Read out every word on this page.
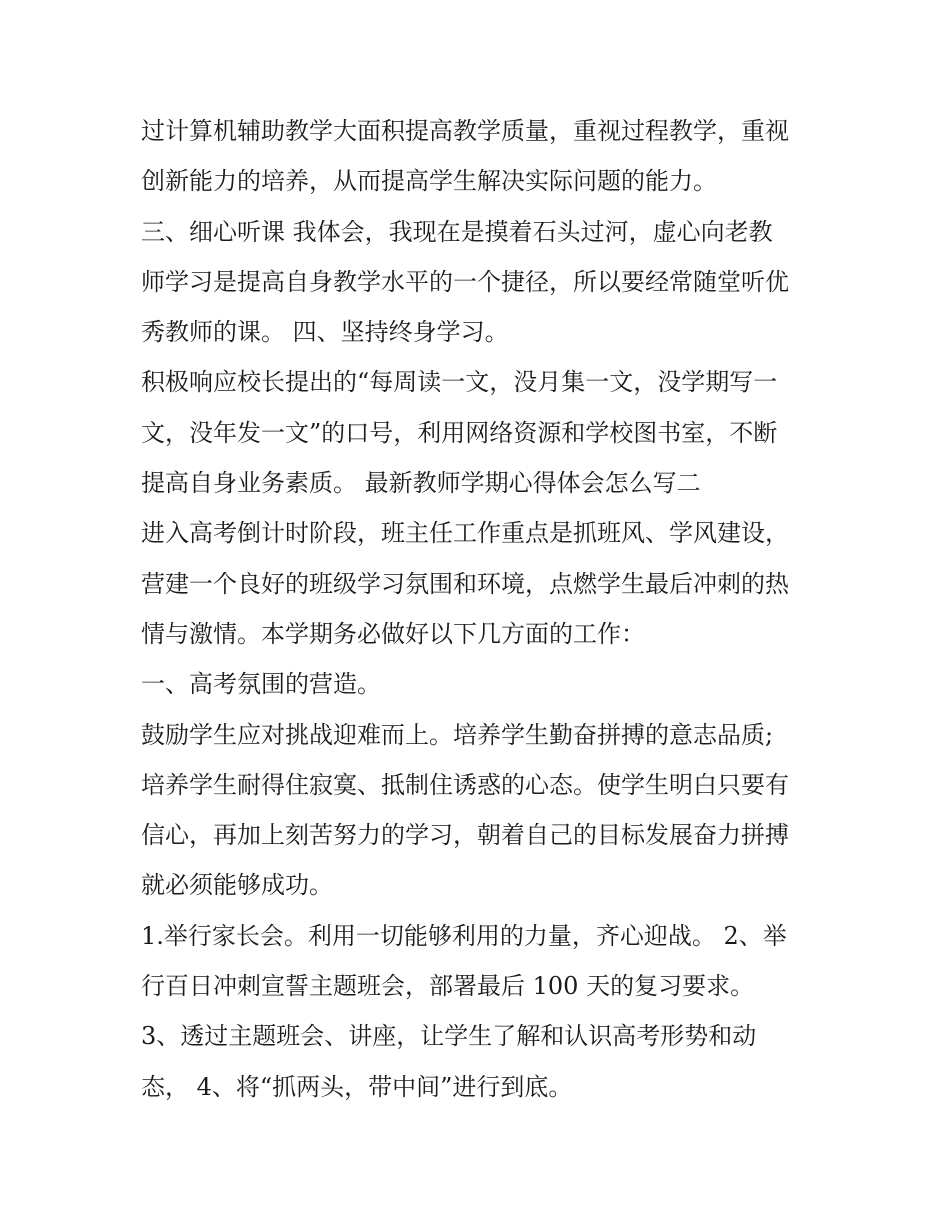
过计算机辅助教学大面积提高教学质量，重视过程教学，重视
创新能力的培养，从而提高学生解决实际问题的能力。
三、细心听课 我体会，我现在是摸着石头过河，虚心向老教
师学习是提高自身教学水平的一个捷径，所以要经常随堂听优
秀教师的课。 四、坚持终身学习。
积极响应校长提出的“每周读一文，没月集一文，没学期写一
文，没年发一文”的口号，利用网络资源和学校图书室，不断
提高自身业务素质。 最新教师学期心得体会怎么写二
进入高考倒计时阶段，班主任工作重点是抓班风、学风建设，
营建一个良好的班级学习氛围和环境，点燃学生最后冲刺的热
情与激情。本学期务必做好以下几方面的工作：
一、高考氛围的营造。
鼓励学生应对挑战迎难而上。培养学生勤奋拼搏的意志品质;
培养学生耐得住寂寞、抵制住诱惑的心态。使学生明白只要有
信心，再加上刻苦努力的学习，朝着自己的目标发展奋力拼搏
就必须能够成功。
1.举行家长会。利用一切能够利用的力量，齐心迎战。 2、举
行百日冲刺宣誓主题班会，部署最后 100 天的复习要求。
3、透过主题班会、讲座，让学生了解和认识高考形势和动
态， 4、将“抓两头，带中间”进行到底。
